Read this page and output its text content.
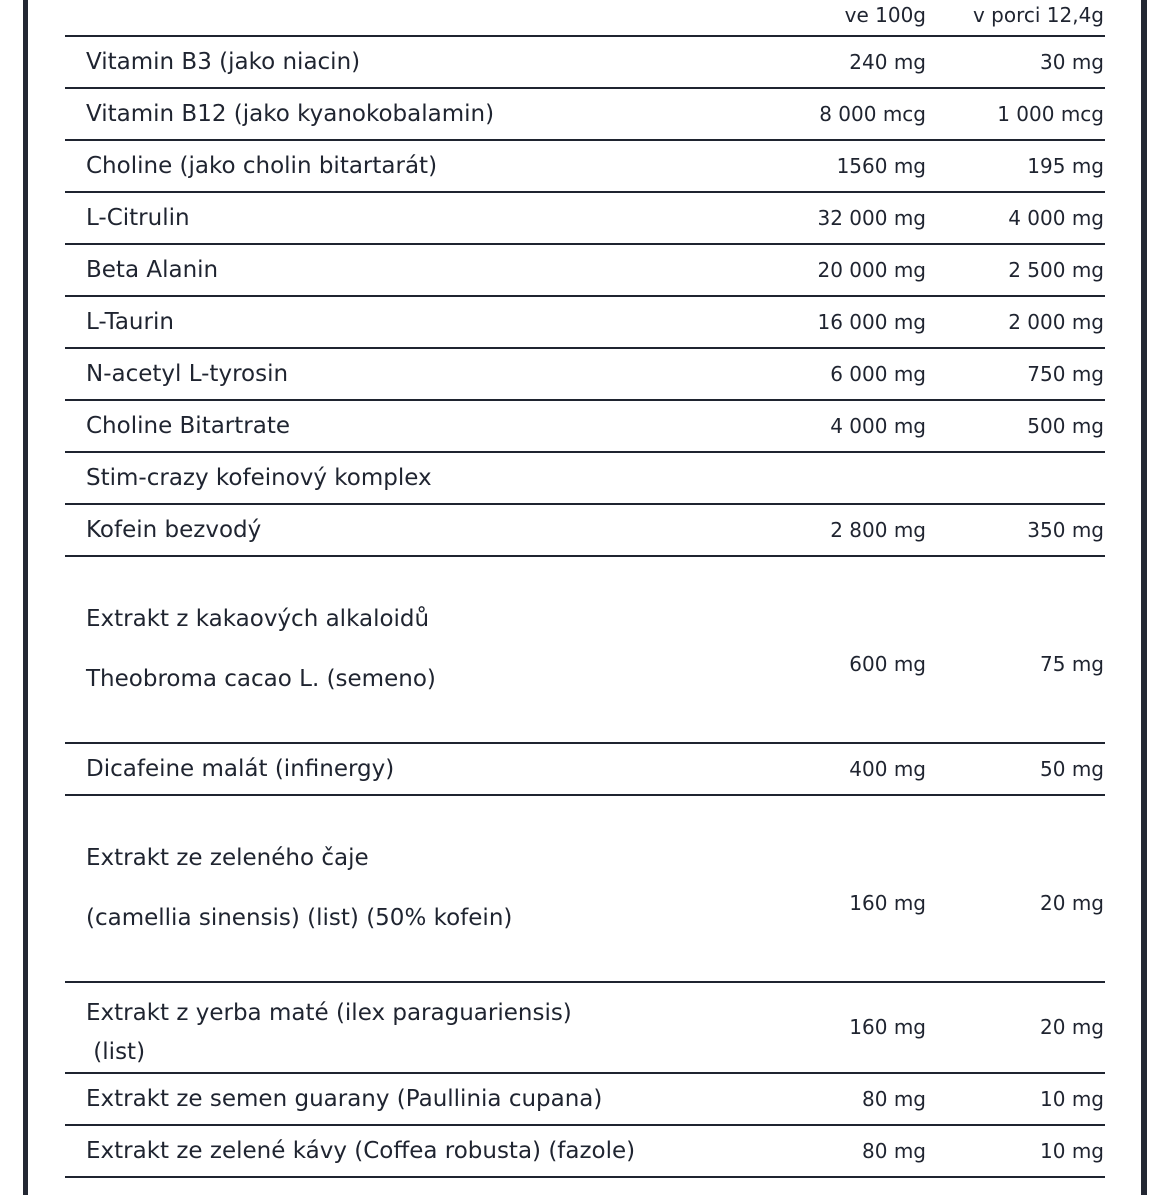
ve 100g v porci 12,4g
Vitamin B3 (jako niacin)	240 mg	30 mg
Vitamin B12 (jako kyanokobalamin)	8 000 mcg	1 000 mcg
Choline (jako cholin bitartarát)	1560 mg	195 mg
L-Citrulin	32 000 mg	4 000 mg
Beta Alanin	20 000 mg	2 500 mg
L-Taurin	16 000 mg	2 000 mg
N-acetyl L-tyrosin	6 000 mg	750 mg
Choline Bitartrate	4 000 mg	500 mg
Stim-crazy kofeinový komplex
Kofein bezvodý	2 800 mg	350 mg
Extrakt z kakaových alkaloidů
Theobroma cacao L. (semeno)
600 mg	75 mg
Dicafeine malát (infinergy)	400 mg	50 mg
Extrakt ze zeleného čaje
(camellia sinensis) (list) (50% kofein)
160 mg	20 mg
Extrakt z yerba maté (ilex paraguariensis)
(list)
160 mg	20 mg
Extrakt ze semen guarany (Paullinia cupana)	80 mg	10 mg
Extrakt ze zelené kávy (Coffea robusta) (fazole)	80 mg	10 mg
